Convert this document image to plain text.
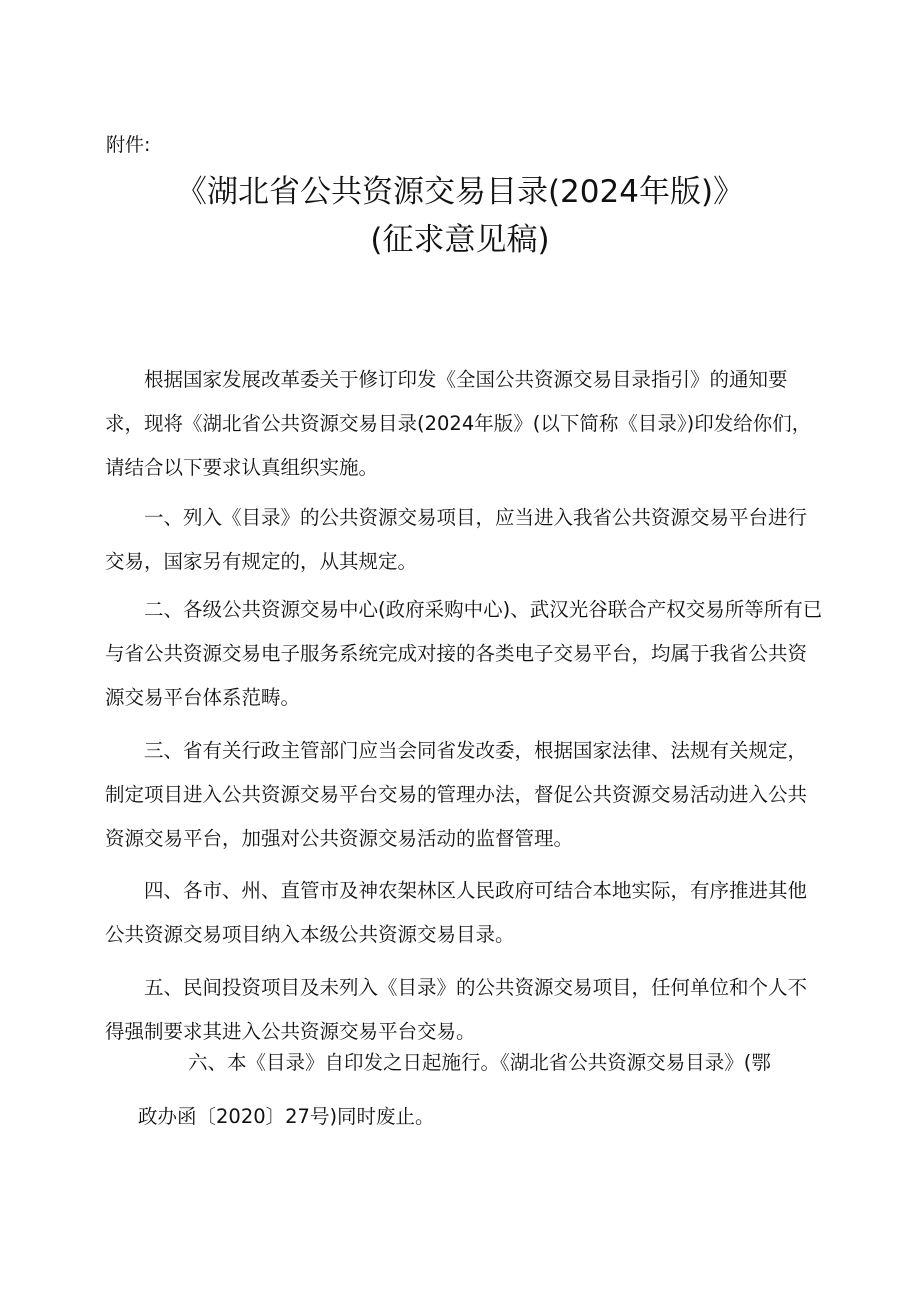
附件:
《湖北省公共资源交易目录(2024年版)》
(征求意见稿)

根据国家发展改革委关于修订印发《全国公共资源交易目录指引》的通知要求，现将《湖北省公共资源交易目录(2024年版》(以下简称《目录》)印发给你们，请结合以下要求认真组织实施。

一、列入《目录》的公共资源交易项目，应当进入我省公共资源交易平台进行交易，国家另有规定的，从其规定。

二、各级公共资源交易中心(政府采购中心)、武汉光谷联合产权交易所等所有已与省公共资源交易电子服务系统完成对接的各类电子交易平台，均属于我省公共资源交易平台体系范畴。

三、省有关行政主管部门应当会同省发改委，根据国家法律、法规有关规定，制定项目进入公共资源交易平台交易的管理办法，督促公共资源交易活动进入公共资源交易平台，加强对公共资源交易活动的监督管理。

四、各市、州、直管市及神农架林区人民政府可结合本地实际，有序推进其他公共资源交易项目纳入本级公共资源交易目录。

五、民间投资项目及未列入《目录》的公共资源交易项目，任何单位和个人不得强制要求其进入公共资源交易平台交易。

六、本《目录》自印发之日起施行。《湖北省公共资源交易目录》(鄂

政办函〔2020〕27号)同时废止。
